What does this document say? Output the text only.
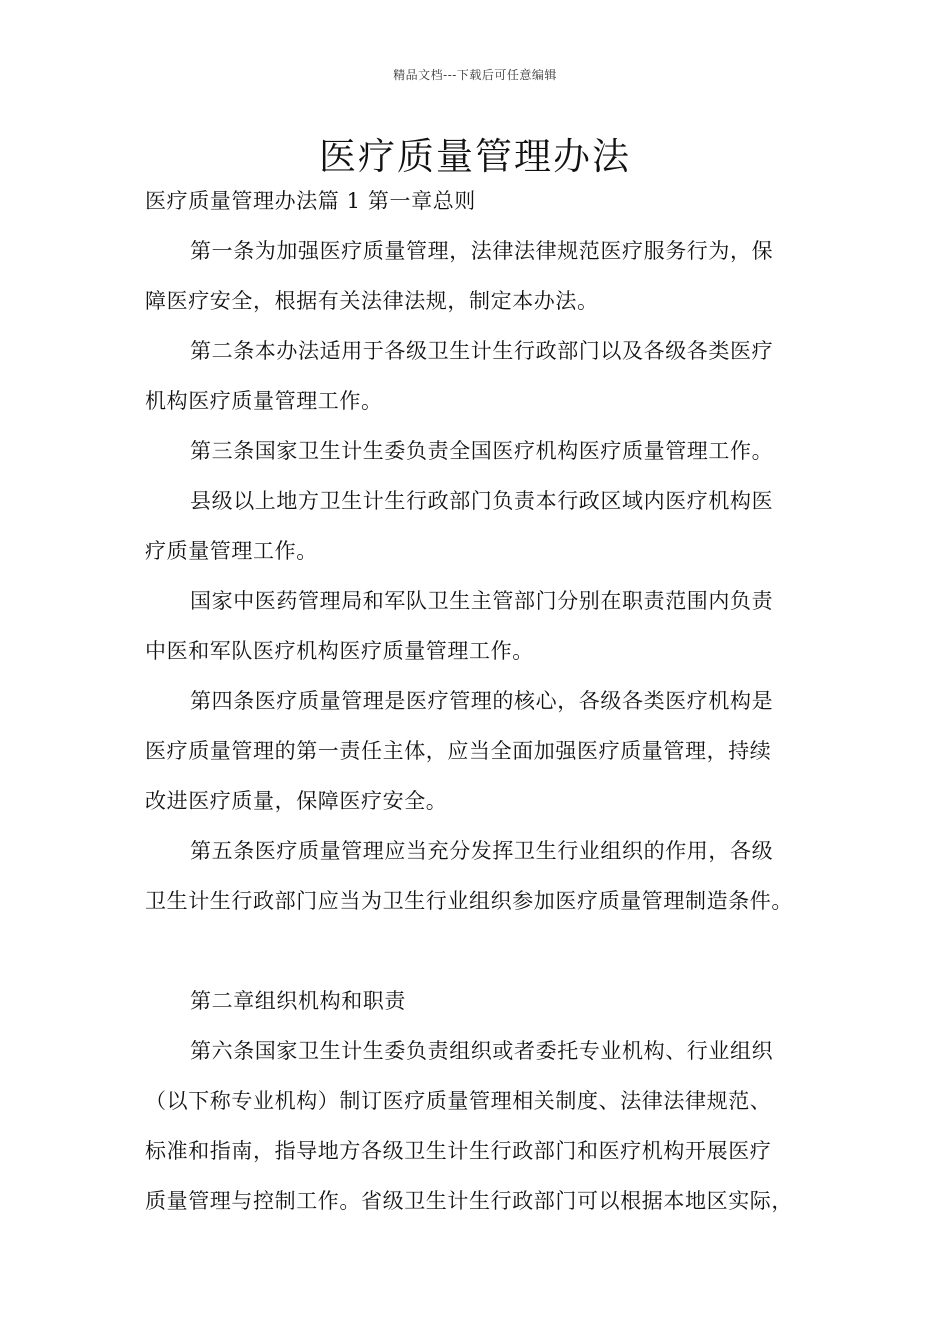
精品文档---下载后可任意编辑
医疗质量管理办法
医疗质量管理办法篇 1 第一章总则
第一条为加强医疗质量管理，法律法律规范医疗服务行为，保
障医疗安全，根据有关法律法规，制定本办法。
第二条本办法适用于各级卫生计生行政部门以及各级各类医疗
机构医疗质量管理工作。
第三条国家卫生计生委负责全国医疗机构医疗质量管理工作。
县级以上地方卫生计生行政部门负责本行政区域内医疗机构医
疗质量管理工作。
国家中医药管理局和军队卫生主管部门分别在职责范围内负责
中医和军队医疗机构医疗质量管理工作。
第四条医疗质量管理是医疗管理的核心，各级各类医疗机构是
医疗质量管理的第一责任主体，应当全面加强医疗质量管理，持续
改进医疗质量，保障医疗安全。
第五条医疗质量管理应当充分发挥卫生行业组织的作用，各级
卫生计生行政部门应当为卫生行业组织参加医疗质量管理制造条件。
第二章组织机构和职责
第六条国家卫生计生委负责组织或者委托专业机构、行业组织
（以下称专业机构）制订医疗质量管理相关制度、法律法律规范、
标准和指南，指导地方各级卫生计生行政部门和医疗机构开展医疗
质量管理与控制工作。省级卫生计生行政部门可以根据本地区实际，
